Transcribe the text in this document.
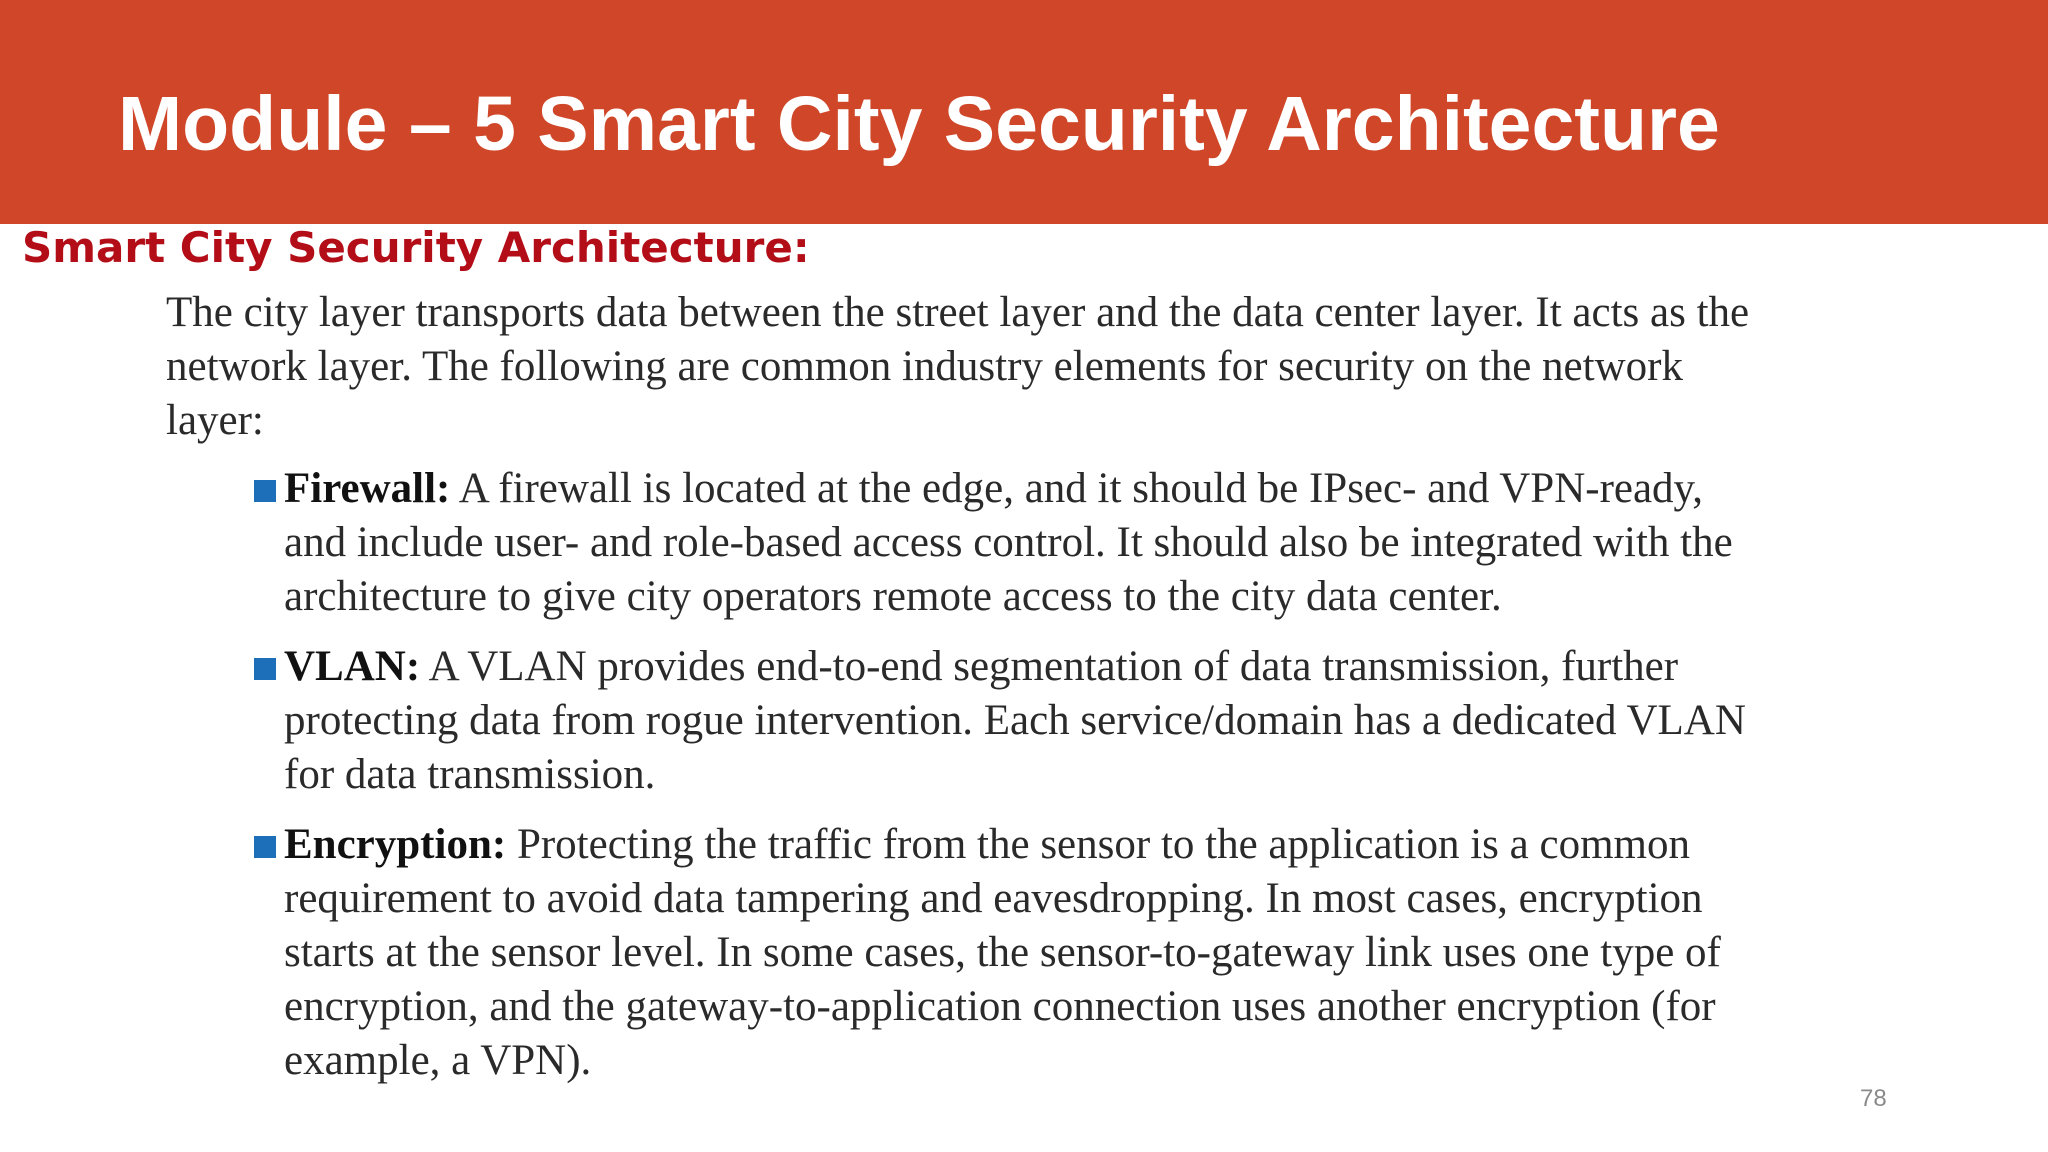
Module – 5 Smart City Security Architecture
Smart City Security Architecture:

The city layer transports data between the street layer and the data center layer. It acts as the network layer. The following are common industry elements for security on the network layer:

Firewall: A firewall is located at the edge, and it should be IPsec- and VPN-ready, and include user- and role-based access control. It should also be integrated with the architecture to give city operators remote access to the city data center.
VLAN: A VLAN provides end-to-end segmentation of data transmission, further protecting data from rogue intervention. Each service/domain has a dedicated VLAN for data transmission.
Encryption: Protecting the traffic from the sensor to the application is a common requirement to avoid data tampering and eavesdropping. In most cases, encryption starts at the sensor level. In some cases, the sensor-to-gateway link uses one type of encryption, and the gateway-to-application connection uses another encryption (for example, a VPN).
78
